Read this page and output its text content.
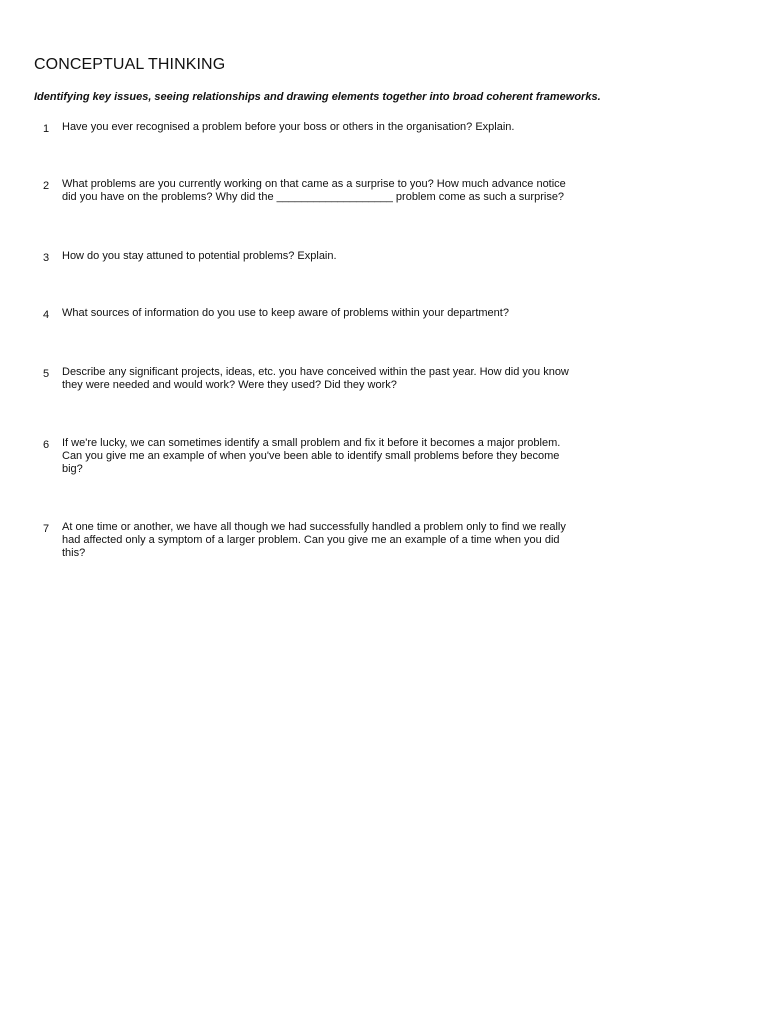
CONCEPTUAL THINKING

Identifying key issues, seeing relationships and drawing elements together into broad coherent frameworks.

1	Have you ever recognised a problem before your boss or others in the organisation? Explain.
2	What problems are you currently working on that came as a surprise to you? How much advance notice
did you have on the problems? Why did the ___________________ problem come as such a surprise?
3	How do you stay attuned to potential problems? Explain.
4	What sources of information do you use to keep aware of problems within your department?
5	Describe any significant projects, ideas, etc. you have conceived within the past year. How did you know
they were needed and would work? Were they used? Did they work?
6	If we're lucky, we can sometimes identify a small problem and fix it before it becomes a major problem.
Can you give me an example of when you've been able to identify small problems before they become
big?
7	At one time or another, we have all though we had successfully handled a problem only to find we really
had affected only a symptom of a larger problem. Can you give me an example of a time when you did
this?
